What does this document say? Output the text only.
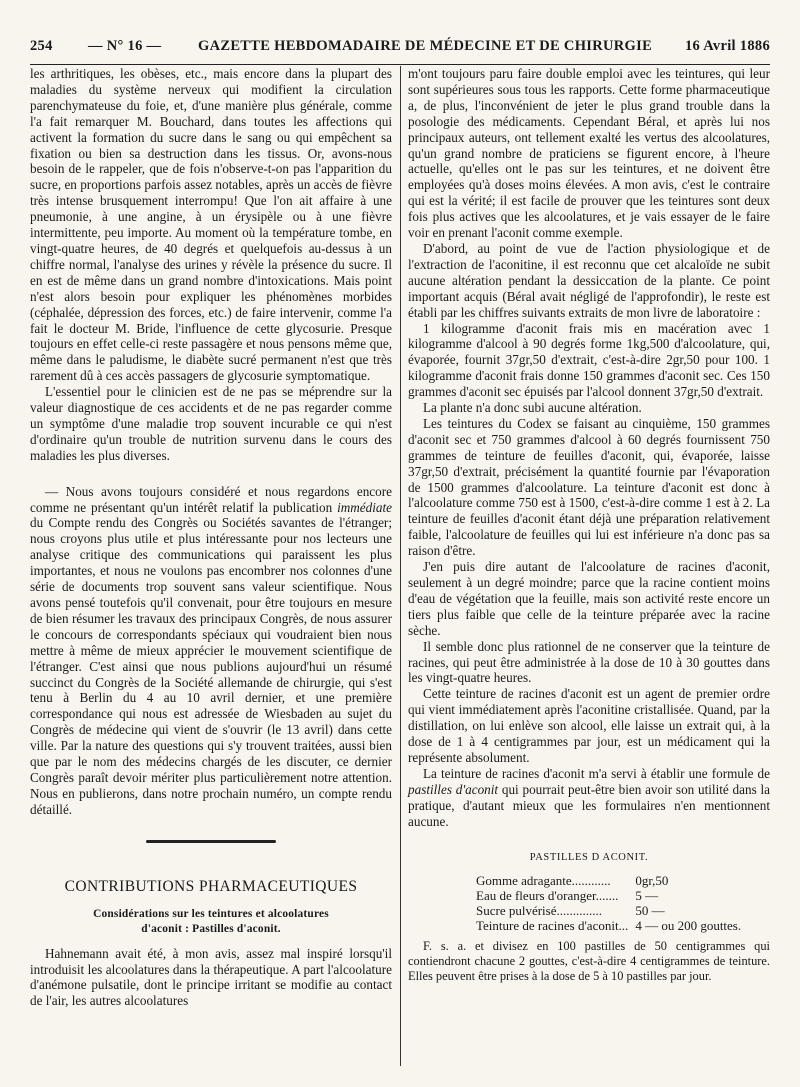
254 — N° 16 —	GAZETTE HEBDOMADAIRE DE MÉDECINE ET DE CHIRURGIE 16 Avril 1886

les arthritiques, les obèses, etc., mais encore dans la plupart des maladies du système nerveux qui modifient la circulation parenchymateuse du foie, et, d'une manière plus générale, comme l'a fait remarquer M. Bouchard, dans toutes les affections qui activent la formation du sucre dans le sang ou qui empêchent sa fixation ou bien sa destruction dans les tissus. Or, avons-nous besoin de le rappeler, que de fois n'observe-t-on pas l'apparition du sucre, en proportions parfois assez notables, après un accès de fièvre très intense brusquement interrompu! Que l'on ait affaire à une pneumonie, à une angine, à un érysipèle ou à une fièvre intermittente, peu importe. Au moment où la température tombe, en vingt-quatre heures, de 40 degrés et quelquefois au-dessus à un chiffre normal, l'analyse des urines y révèle la présence du sucre. Il en est de même dans un grand nombre d'intoxications. Mais point n'est alors besoin pour expliquer les phénomènes morbides (céphalée, dépression des forces, etc.) de faire intervenir, comme l'a fait le docteur M. Bride, l'influence de cette glycosurie. Presque toujours en effet celle-ci reste passagère et nous pensons même que, même dans le paludisme, le diabète sucré permanent n'est que très rarement dû à ces accès passagers de glycosurie symptomatique.

L'essentiel pour le clinicien est de ne pas se méprendre sur la valeur diagnostique de ces accidents et de ne pas regarder comme un symptôme d'une maladie trop souvent incurable ce qui n'est d'ordinaire qu'un trouble de nutrition survenu dans le cours des maladies les plus diverses.

— Nous avons toujours considéré et nous regardons encore comme ne présentant qu'un intérêt relatif la publication immédiate du Compte rendu des Congrès ou Sociétés savantes de l'étranger; nous croyons plus utile et plus intéressante pour nos lecteurs une analyse critique des communications qui paraissent les plus importantes, et nous ne voulons pas encombrer nos colonnes d'une série de documents trop souvent sans valeur scientifique. Nous avons pensé toutefois qu'il convenait, pour être toujours en mesure de bien résumer les travaux des principaux Congrès, de nous assurer le concours de correspondants spéciaux qui voudraient bien nous mettre à même de mieux apprécier le mouvement scientifique de l'étranger. C'est ainsi que nous publions aujourd'hui un résumé succinct du Congrès de la Société allemande de chirurgie, qui s'est tenu à Berlin du 4 au 10 avril dernier, et une première correspondance qui nous est adressée de Wiesbaden au sujet du Congrès de médecine qui vient de s'ouvrir (le 13 avril) dans cette ville. Par la nature des questions qui s'y trouvent traitées, aussi bien que par le nom des médecins chargés de les discuter, ce dernier Congrès paraît devoir mériter plus particulièrement notre attention. Nous en publierons, dans notre prochain numéro, un compte rendu détaillé.

CONTRIBUTIONS PHARMACEUTIQUES
Considérations sur les teintures et alcoolatures
d'aconit : Pastilles d'aconit.

Hahnemann avait été, à mon avis, assez mal inspiré lorsqu'il introduisit les alcoolatures dans la thérapeutique. A part l'alcoolature d'anémone pulsatile, dont le principe irritant se modifie au contact de l'air, les autres alcoolatures

m'ont toujours paru faire double emploi avec les teintures, qui leur sont supérieures sous tous les rapports. Cette forme pharmaceutique a, de plus, l'inconvénient de jeter le plus grand trouble dans la posologie des médicaments. Cependant Béral, et après lui nos principaux auteurs, ont tellement exalté les vertus des alcoolatures, qu'un grand nombre de praticiens se figurent encore, à l'heure actuelle, qu'elles ont le pas sur les teintures, et ne doivent être employées qu'à doses moins élevées. A mon avis, c'est le contraire qui est la vérité; il est facile de prouver que les teintures sont deux fois plus actives que les alcoolatures, et je vais essayer de le faire voir en prenant l'aconit comme exemple.

D'abord, au point de vue de l'action physiologique et de l'extraction de l'aconitine, il est reconnu que cet alcaloïde ne subit aucune altération pendant la dessiccation de la plante. Ce point important acquis (Béral avait négligé de l'approfondir), le reste est établi par les chiffres suivants extraits de mon livre de laboratoire :

1 kilogramme d'aconit frais mis en macération avec 1 kilogramme d'alcool à 90 degrés forme 1kg,500 d'alcoolature, qui, évaporée, fournit 37gr,50 d'extrait, c'est-à-dire 2gr,50 pour 100. 1 kilogramme d'aconit frais donne 150 grammes d'aconit sec. Ces 150 grammes d'aconit sec épuisés par l'alcool donnent 37gr,50 d'extrait.

La plante n'a donc subi aucune altération.

Les teintures du Codex se faisant au cinquième, 150 grammes d'aconit sec et 750 grammes d'alcool à 60 degrés fournissent 750 grammes de teinture de feuilles d'aconit, qui, évaporée, laisse 37gr,50 d'extrait, précisément la quantité fournie par l'évaporation de 1500 grammes d'alcoolature. La teinture d'aconit est donc à l'alcoolature comme 750 est à 1500, c'est-à-dire comme 1 est à 2. La teinture de feuilles d'aconit étant déjà une préparation relativement faible, l'alcoolature de feuilles qui lui est inférieure n'a donc pas sa raison d'être.

J'en puis dire autant de l'alcoolature de racines d'aconit, seulement à un degré moindre; parce que la racine contient moins d'eau de végétation que la feuille, mais son activité reste encore un tiers plus faible que celle de la teinture préparée avec la racine sèche.

Il semble donc plus rationnel de ne conserver que la teinture de racines, qui peut être administrée à la dose de 10 à 30 gouttes dans les vingt-quatre heures.

Cette teinture de racines d'aconit est un agent de premier ordre qui vient immédiatement après l'aconitine cristallisée. Quand, par la distillation, on lui enlève son alcool, elle laisse un extrait qui, à la dose de 1 à 4 centigrammes par jour, est un médicament qui la représente absolument.

La teinture de racines d'aconit m'a servi à établir une formule de pastilles d'aconit qui pourrait peut-être bien avoir son utilité dans la pratique, d'autant mieux que les formulaires n'en mentionnent aucune.

PASTILLES D ACONIT.
Gomme adragante............	0gr,50
Eau de fleurs d'oranger.......	5 —
Sucre pulvérisé..............	50 —
Teinture de racines d'aconit...	4 — ou 200 gouttes.

F. s. a. et divisez en 100 pastilles de 50 centigrammes qui contiendront chacune 2 gouttes, c'est-à-dire 4 centigrammes de teinture. Elles peuvent être prises à la dose de 5 à 10 pastilles par jour.
